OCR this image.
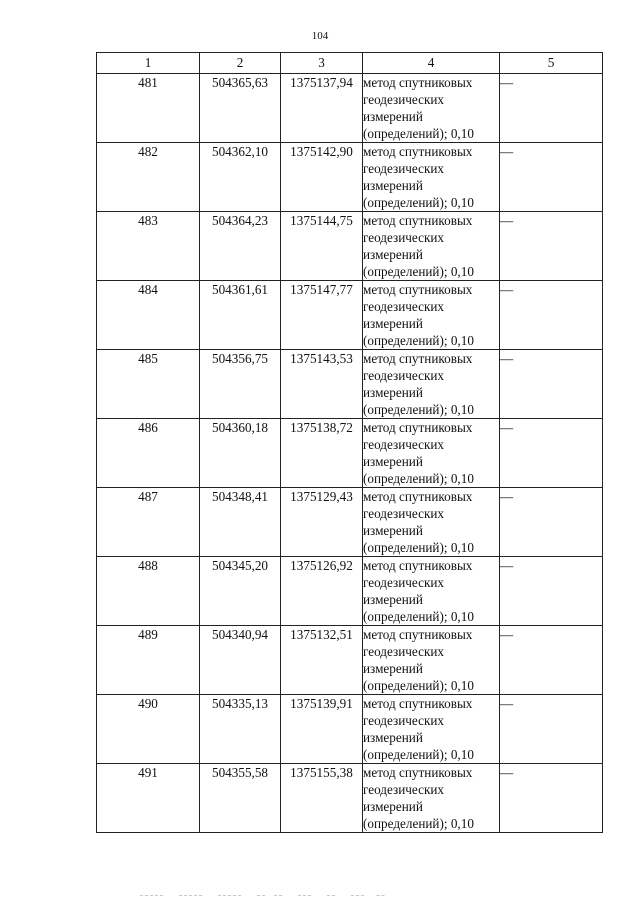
104
1	2	3	4	5
481	504365,63	1375137,94	метод спутниковых геодезических измерений (определений); 0,10	—
482	504362,10	1375142,90	метод спутниковых геодезических измерений (определений); 0,10	—
483	504364,23	1375144,75	метод спутниковых геодезических измерений (определений); 0,10	—
484	504361,61	1375147,77	метод спутниковых геодезических измерений (определений); 0,10	—
485	504356,75	1375143,53	метод спутниковых геодезических измерений (определений); 0,10	—
486	504360,18	1375138,72	метод спутниковых геодезических измерений (определений); 0,10	—
487	504348,41	1375129,43	метод спутниковых геодезических измерений (определений); 0,10	—
488	504345,20	1375126,92	метод спутниковых геодезических измерений (определений); 0,10	—
489	504340,94	1375132,51	метод спутниковых геодезических измерений (определений); 0,10	—
490	504335,13	1375139,91	метод спутниковых геодезических измерений (определений); 0,10	—
491	504355,58	1375155,38	метод спутниковых геодезических измерений (определений); 0,10	—
‒‒‒‒‒    ‒‒‒‒‒    ‒‒‒‒‒    ‒‒  ‒‒    ‒‒‒    ‒‒    ‒‒‒   ‒‒
